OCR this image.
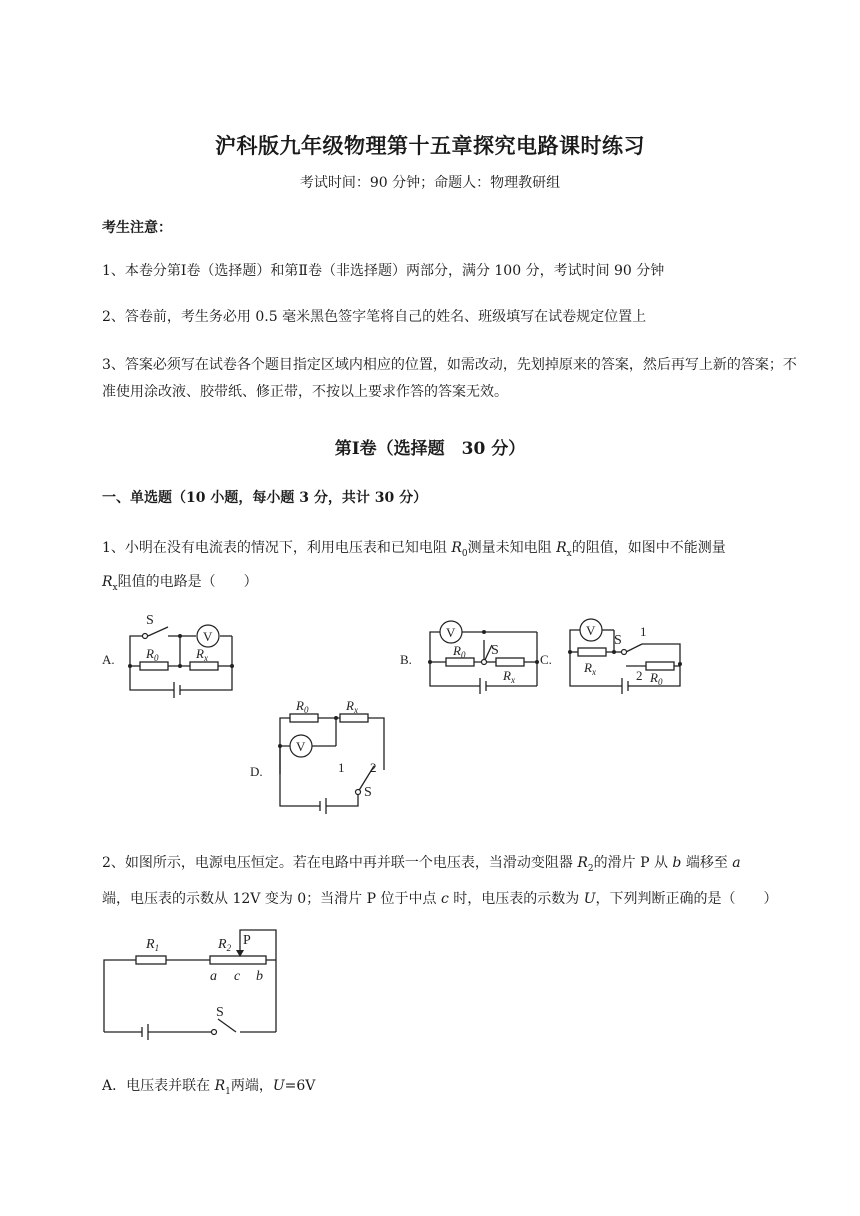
沪科版九年级物理第十五章探究电路课时练习
考试时间：90 分钟；命题人：物理教研组
考生注意：
1、本卷分第Ⅰ卷（选择题）和第Ⅱ卷（非选择题）两部分，满分 100 分，考试时间 90 分钟
2、答卷前，考生务必用 0.5 毫米黑色签字笔将自己的姓名、班级填写在试卷规定位置上
3、答案必须写在试卷各个题目指定区域内相应的位置，如需改动，先划掉原来的答案，然后再写上新的答案；不准使用涂改液、胶带纸、修正带，不按以上要求作答的答案无效。
第Ⅰ卷（选择题　30 分）
一、单选题（10 小题，每小题 3 分，共计 30 分）
1、小明在没有电流表的情况下，利用电压表和已知电阻 $R_0$测量未知电阻 $R_x$的阻值，如图中不能测量
$R_x$阻值的电路是（　　）
V	V	V
V
S
S
S
S
$R_0$	$R_x$	$R_0$
$R_x$
$R_x$	$R_0$
$R_0$	$R_x$
1
2
1 2
A.	B.	C.
D.
2、如图所示，电源电压恒定。若在电路中再并联一个电压表，当滑动变阻器 $R_2$的滑片 P 从 b 端移至 a
端，电压表的示数从 12V 变为 0；当滑片 P 位于中点 c 时，电压表的示数为 U，下列判断正确的是（　　）
$R_1$	$R_2$ P
a c b
S
A．电压表并联在 $R_1$两端，U=6V
